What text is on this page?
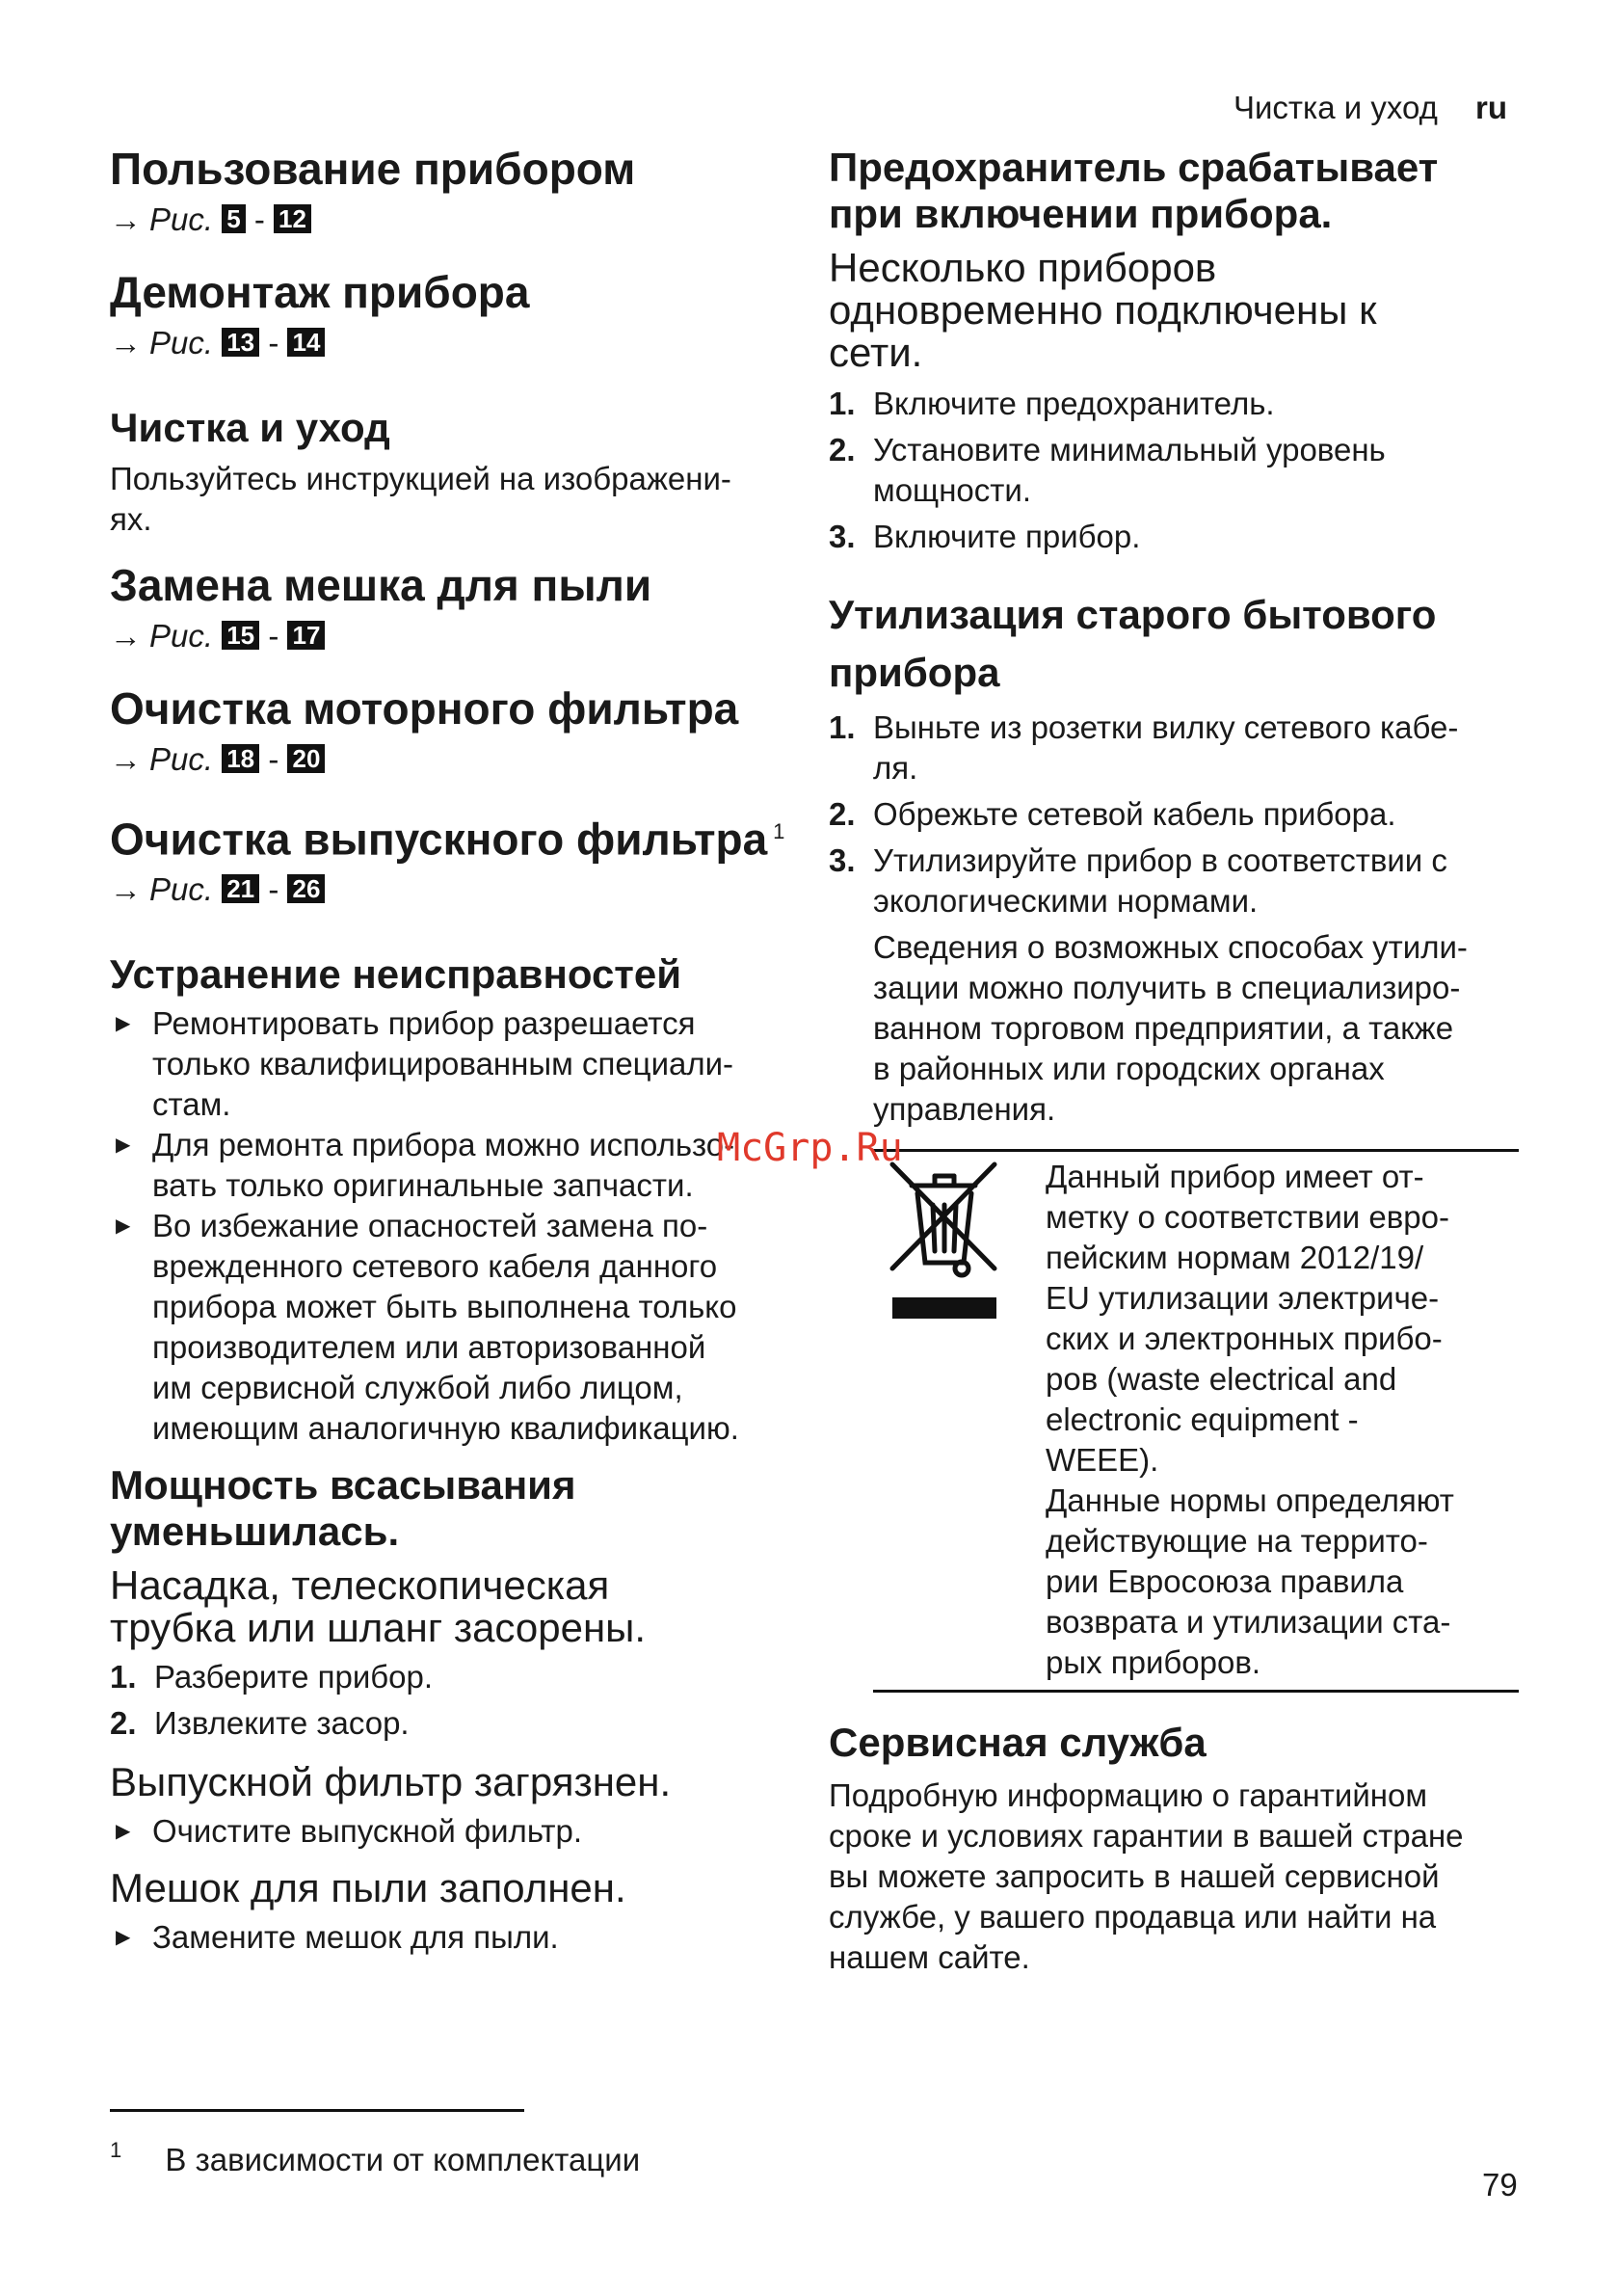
Чистка и уход ru
Пользование прибором
→ Рис. 5 - 12
Демонтаж прибора
→ Рис. 13 - 14
Чистка и уход

Пользуйтесь инструкцией на изображени-
ях.

Замена мешка для пыли
→ Рис. 15 - 17
Очистка моторного фильтра
→ Рис. 18 - 20
Очистка выпускного фильтра $^1$
→ Рис. 21 - 26
Устранение неисправностей
▶ Ремонтировать прибор разрешается
только квалифицированным специали-
стам.
▶ Для ремонта прибора можно использо-
вать только оригинальные запчасти.
▶ Во избежание опасностей замена по-
врежденного сетевого кабеля данного
прибора может быть выполнена только
производителем или авторизованной
им сервисной службой либо лицом,
имеющим аналогичную квалификацию.
Мощность всасывания
уменьшилась.

Насадка, телескопическая
трубка или шланг засорены.

1. Разберите прибор.
2. Извлеките засор.

Выпускной фильтр загрязнен.

▶ Очистите выпускной фильтр.

Мешок для пыли заполнен.

▶ Замените мешок для пыли.
$^1$ В зависимости от комплектации
Предохранитель срабатывает
при включении прибора.

Несколько приборов
одновременно подключены к
сети.

1. Включите предохранитель.
2. Установите минимальный уровень
мощности.
3. Включите прибор.
Утилизация старого бытового
прибора
1. Выньте из розетки вилку сетевого кабе-
ля.
2. Обрежьте сетевой кабель прибора.
3. Утилизируйте прибор в соответствии с
экологическими нормами.

Сведения о возможных способах утили-
зации можно получить в специализиро-
ванном торговом предприятии, а также
в районных или городских органах
управления.

Данный прибор имеет от-
метку о соответствии евро-
пейским нормам 2012/19/
EU утилизации электриче-
ских и электронных прибо-
ров (waste electrical and
electronic equipment -
WEEE).
Данные нормы определяют
действующие на террито-
рии Евросоюза правила
возврата и утилизации ста-
рых приборов.
Сервисная служба

Подробную информацию о гарантийном
сроке и условиях гарантии в вашей стране
вы можете запросить в нашей сервисной
службе, у вашего продавца или найти на
нашем сайте.

McGrp.Ru
79
